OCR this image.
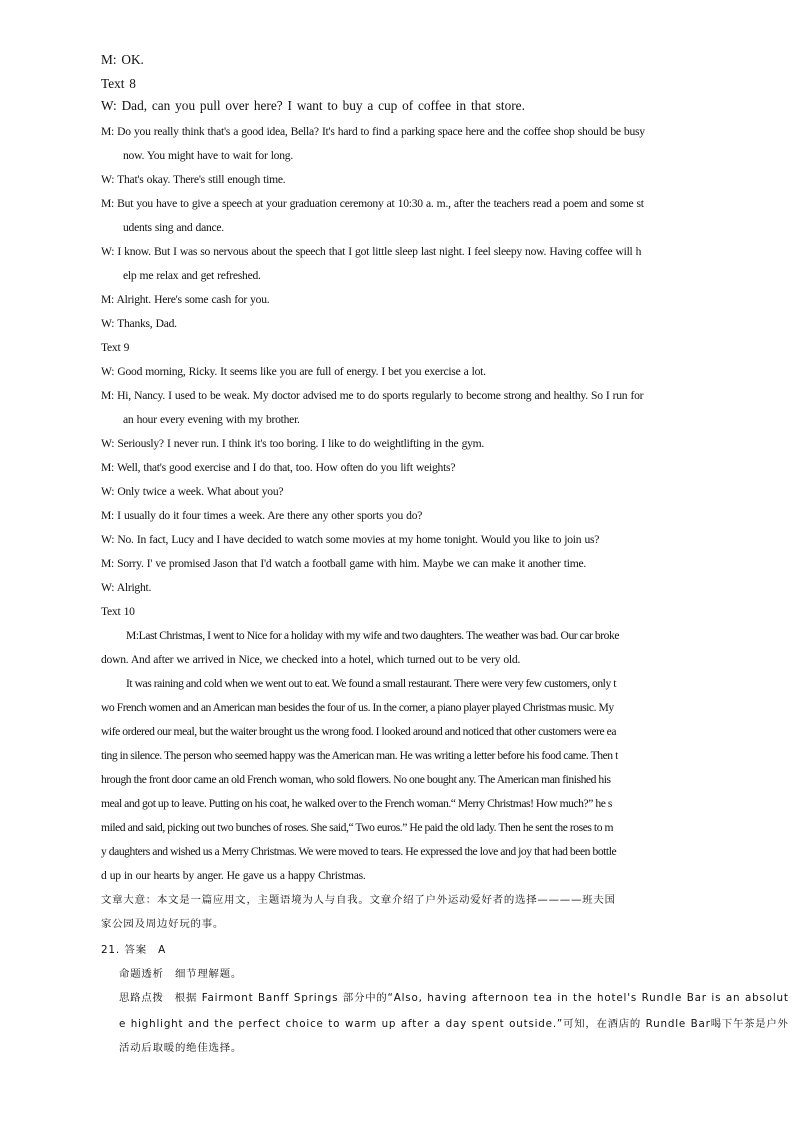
M: OK.
Text 8
W: Dad, can you pull over here? I want to buy a cup of coffee in that store.
M: Do you really think that's a good idea, Bella? It's hard to find a parking space here and the coffee shop should be busy
now. You might have to wait for long.
W: That's okay. There's still enough time.
M: But you have to give a speech at your graduation ceremony at 10:30 a. m., after the teachers read a poem and some st
udents sing and dance.
W: I know. But I was so nervous about the speech that I got little sleep last night. I feel sleepy now. Having coffee will h
elp me relax and get refreshed.
M: Alright. Here's some cash for you.
W: Thanks, Dad.
Text 9
W: Good morning, Ricky. It seems like you are full of energy. I bet you exercise a lot.
M: Hi, Nancy. I used to be weak. My doctor advised me to do sports regularly to become strong and healthy. So I run for
an hour every evening with my brother.
W: Seriously? I never run. I think it's too boring. I like to do weightlifting in the gym.
M: Well, that's good exercise and I do that, too. How often do you lift weights?
W: Only twice a week. What about you?
M: I usually do it four times a week. Are there any other sports you do?
W: No. In fact, Lucy and I have decided to watch some movies at my home tonight. Would you like to join us?
M: Sorry. I' ve promised Jason that I'd watch a football game with him. Maybe we can make it another time.
W: Alright.
Text 10
M:Last Christmas, I went to Nice for a holiday with my wife and two daughters. The weather was bad. Our car broke
down. And after we arrived in Nice, we checked into a hotel, which turned out to be very old.
It was raining and cold when we went out to eat. We found a small restaurant. There were very few customers, only t
wo French women and an American man besides the four of us. In the corner, a piano player played Christmas music. My
wife ordered our meal, but the waiter brought us the wrong food. I looked around and noticed that other customers were ea
ting in silence. The person who seemed happy was the American man. He was writing a letter before his food came. Then t
hrough the front door came an old French woman, who sold flowers. No one bought any. The American man finished his
meal and got up to leave. Putting on his coat, he walked over to the French woman.“ Merry Christmas! How much?” he s
miled and said, picking out two bunches of roses. She said,“ Two euros.” He paid the old lady. Then he sent the roses to m
y daughters and wished us a Merry Christmas. We were moved to tears. He expressed the love and joy that had been bottle
d up in our hearts by anger. He gave us a happy Christmas.
文章大意：本文是一篇应用文，主题语境为人与自我。文章介绍了户外运动爱好者的选择————班夫国
家公园及周边好玩的事。
21. 答案　A
命题透析　细节理解题。
思路点拨　根据 Fairmont Banff Springs 部分中的“Also, having afternoon tea in the hotel's Rundle Bar is an absolut
e highlight and the perfect choice to warm up after a day spent outside.”可知，在酒店的 Rundle Bar喝下午茶是户外
活动后取暖的绝佳选择。
